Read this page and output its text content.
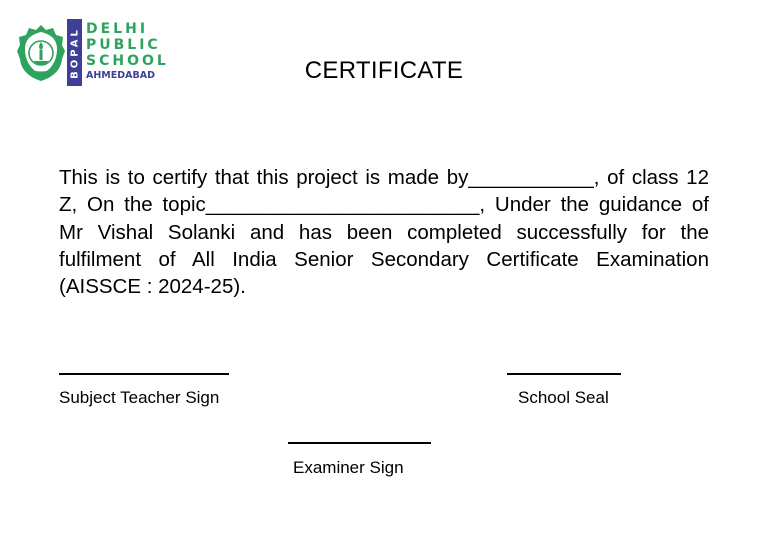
BOPAL DELHI
PUBLIC
SCHOOL
AHMEDABAD	CERTIFICATE
This is to certify that this project is made by___________, of class 12 Z, On the topic________________________, Under the guidance of Mr Vishal Solanki and has been completed successfully for the fulfilment of All India Senior Secondary Certificate Examination (AISSCE : 2024-25).
Subject Teacher Sign	School Seal
Examiner Sign
